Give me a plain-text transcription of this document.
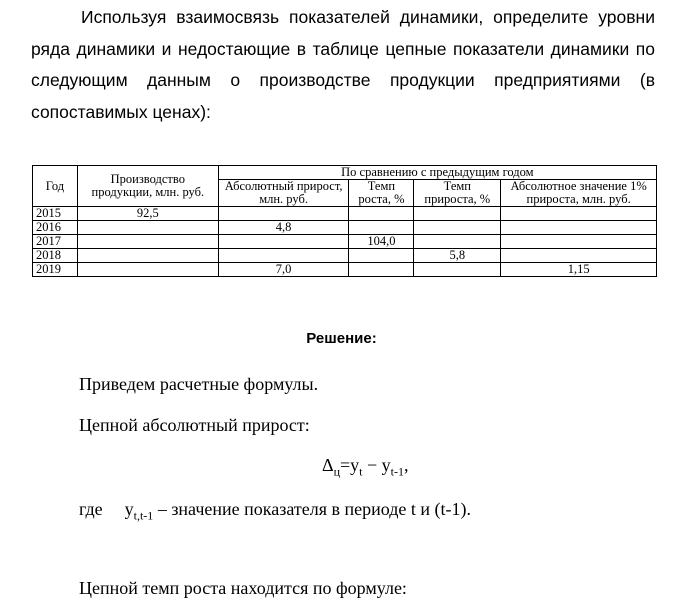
Используя взаимосвязь показателей динамики, определите уровни
ряда динамики и недостающие в таблице цепные показатели динамики по
следующим данным о производстве продукции предприятиями (в
сопоставимых ценах):
Год	Производство продукции, млн. руб.	По сравнению с предыдущим годом			
		Абсолютный прирост, млн. руб.	Темп роста, %	Темп прироста, %	Абсолютное значение 1% прироста, млн. руб.
2015	92,5				
2016		4,8			
2017			104,0		
2018				5,8	
2019		7,0			1,15
Решение:
Приведем расчетные формулы.
Цепной абсолютный прирост:
$\Delta_ц=y_t - y_{t-1}$,
где $y_{t,t-1}$ – значение показателя в периоде t и (t-1).
Цепной темп роста находится по формуле:
